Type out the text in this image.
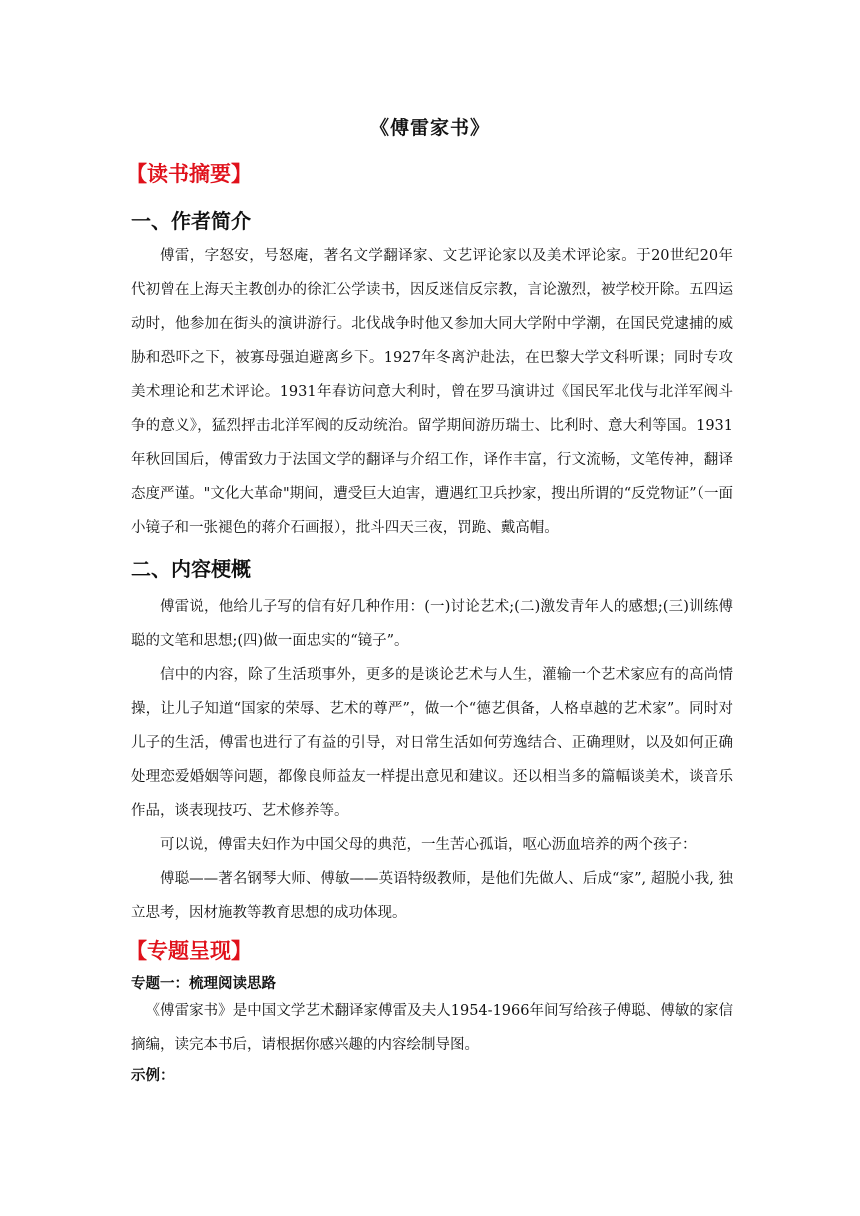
《傅雷家书》
【读书摘要】
一、作者简介
傅雷，字怒安，号怒庵，著名文学翻译家、文艺评论家以及美术评论家。于20世纪20年代初曾在上海天主教创办的徐汇公学读书，因反迷信反宗教，言论激烈，被学校开除。五四运动时，他参加在街头的演讲游行。北伐战争时他又参加大同大学附中学潮，在国民党逮捕的威胁和恐吓之下，被寡母强迫避离乡下。1927年冬离沪赴法，在巴黎大学文科听课；同时专攻美术理论和艺术评论。1931年春访问意大利时，曾在罗马演讲过《国民军北伐与北洋军阀斗争的意义》，猛烈抨击北洋军阀的反动统治。留学期间游历瑞士、比利时、意大利等国。1931年秋回国后，傅雷致力于法国文学的翻译与介绍工作，译作丰富，行文流畅，文笔传神，翻译态度严谨。"文化大革命"期间，遭受巨大迫害，遭遇红卫兵抄家，搜出所谓的“反党物证”（一面小镜子和一张褪色的蒋介石画报），批斗四天三夜，罚跪、戴高帽。
二、内容梗概
傅雷说，他给儿子写的信有好几种作用：(一)讨论艺术;(二)激发青年人的感想;(三)训练傅聪的文笔和思想;(四)做一面忠实的“镜子”。
信中的内容，除了生活琐事外，更多的是谈论艺术与人生，灌输一个艺术家应有的高尚情操，让儿子知道“国家的荣辱、艺术的尊严”，做一个“德艺俱备，人格卓越的艺术家”。同时对儿子的生活，傅雷也进行了有益的引导，对日常生活如何劳逸结合、正确理财，以及如何正确处理恋爱婚姻等问题，都像良师益友一样提出意见和建议。还以相当多的篇幅谈美术，谈音乐作品，谈表现技巧、艺术修养等。
可以说，傅雷夫妇作为中国父母的典范，一生苦心孤诣，呕心沥血培养的两个孩子：
傅聪——著名钢琴大师、傅敏——英语特级教师，是他们先做人、后成“家”, 超脱小我, 独立思考，因材施教等教育思想的成功体现。
【专题呈现】
专题一：梳理阅读思路
《傅雷家书》是中国文学艺术翻译家傅雷及夫人1954-1966年间写给孩子傅聪、傅敏的家信摘编，读完本书后，请根据你感兴趣的内容绘制导图。
示例：
